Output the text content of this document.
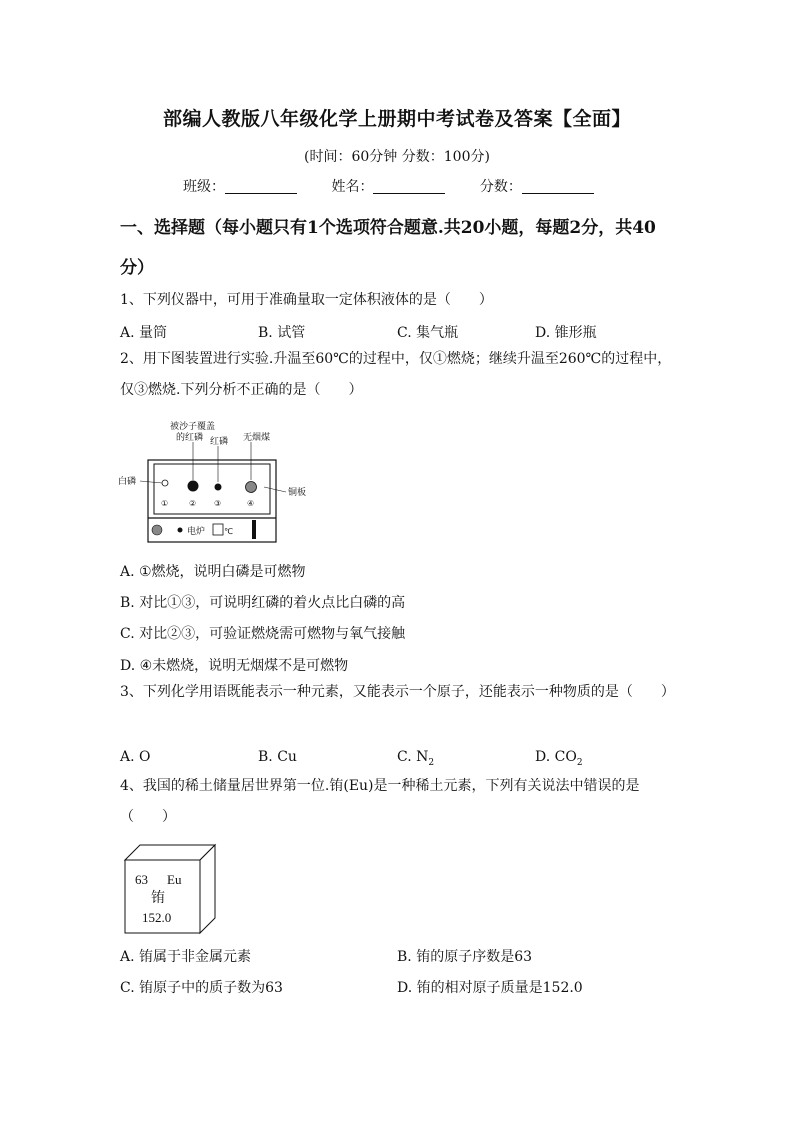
部编人教版八年级化学上册期中考试卷及答案【全面】
(时间：60分钟 分数：100分)
班级：	姓名：	分数：
一、选择题（每小题只有1个选项符合题意.共20小题，每题2分，共40分）
1、下列仪器中，可用于准确量取一定体积液体的是（　　）
A. 量筒	B. 试管	C. 集气瓶	D. 锥形瓶
2、用下图装置进行实验.升温至60℃的过程中，仅①燃烧；继续升温至260℃的过程中，仅③燃烧.下列分析不正确的是（　　）
被沙子覆盖
的红磷 红磷 无烟煤
白磷
铜板
①	② ③	④
电炉 ℃
A. ①燃烧，说明白磷是可燃物
B. 对比①③，可说明红磷的着火点比白磷的高
C. 对比②③，可验证燃烧需可燃物与氧气接触
D. ④未燃烧，说明无烟煤不是可燃物
3、下列化学用语既能表示一种元素，又能表示一个原子，还能表示一种物质的是（　　）
A. O	B. Cu	C. $N_2$	D. $CO_2$
4、我国的稀土储量居世界第一位.铕(Eu)是一种稀土元素，下列有关说法中错误的是（　　）
63 Eu
铕
152.0
A. 铕属于非金属元素	B. 铕的原子序数是63
C. 铕原子中的质子数为63	D. 铕的相对原子质量是152.0
